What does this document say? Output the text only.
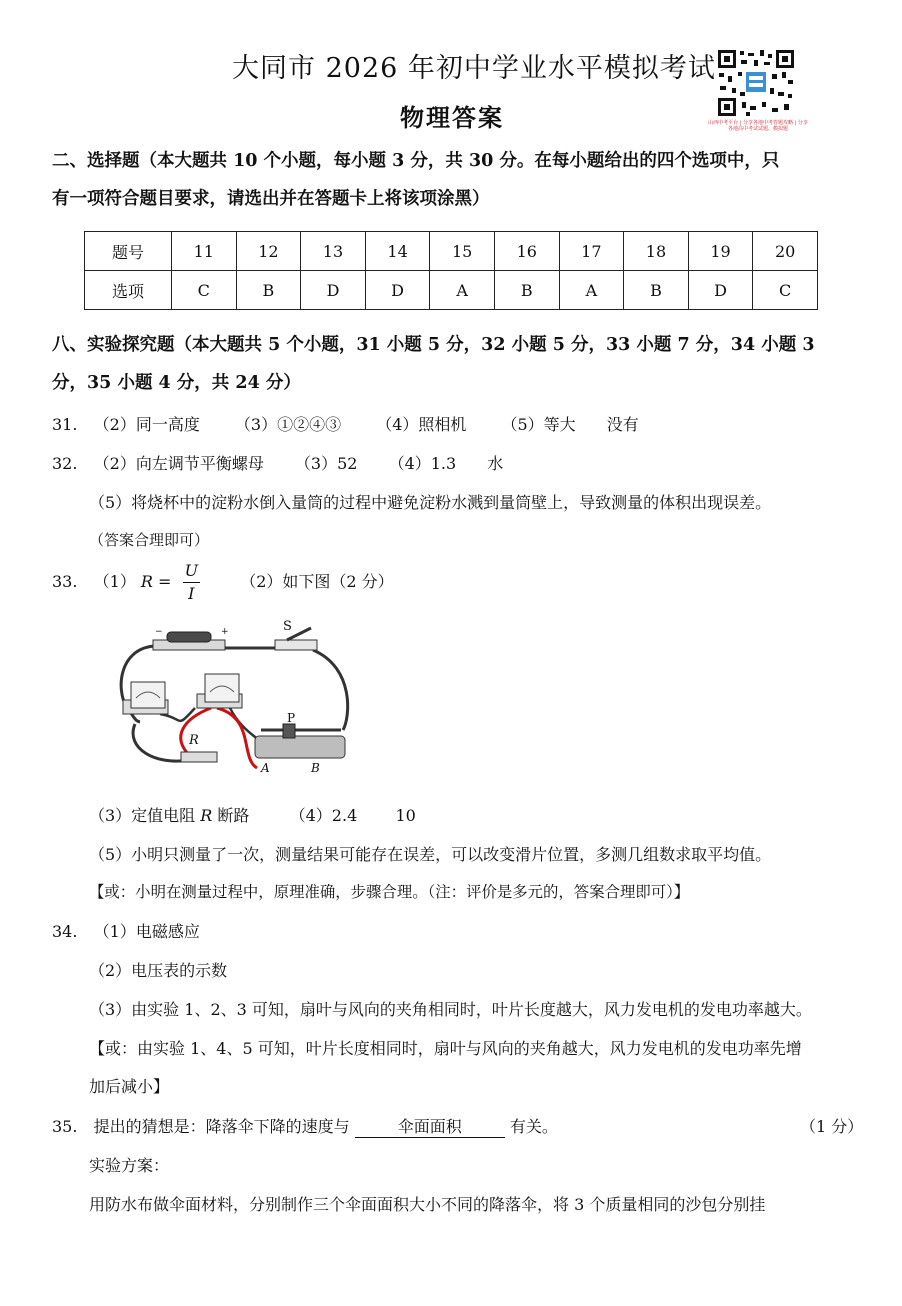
大同市 2026 年初中学业水平模拟考试
物理答案	山西中考平台 | 分享各地中考答题攻略 | 分享各地高中考试试题、模拟题
二、选择题（本大题共 10 个小题，每小题 3 分，共 30 分。在每小题给出的四个选项中，只
有一项符合题目要求，请选出并在答题卡上将该项涂黑）
题号	11	12	13	14	15	16	17	18	19	20
选项	C	B	D	D	A	B	A	B	D	C
八、实验探究题（本大题共 5 个小题，31 小题 5 分，32 小题 5 分，33 小题 7 分，34 小题 3
分，35 小题 4 分，共 24 分）
31. （2）同一高度 （3）①②④③ （4）照相机 （5）等大 没有
32. （2）向左调节平衡螺母 （3）52 （4）1.3 水
（5）将烧杯中的淀粉水倒入量筒的过程中避免淀粉水溅到量筒壁上，导致测量的体积出现误差。
（答案合理即可）
33. （1） $R = \frac{U}{I}$	（2）如下图（2 分）
−	+	S
R
P
A	B
（3）定值电阻 R 断路	（4）2.4 10
（5）小明只测量了一次，测量结果可能存在误差，可以改变滑片位置，多测几组数求取平均值。
【或：小明在测量过程中，原理准确，步骤合理。（注：评价是多元的，答案合理即可）】
34. （1）电磁感应
（2）电压表的示数
（3）由实验 1、2、3 可知，扇叶与风向的夹角相同时，叶片长度越大，风力发电机的发电功率越大。
【或：由实验 1、4、5 可知，叶片长度相同时，扇叶与风向的夹角越大，风力发电机的发电功率先增
加后减小】
35. 提出的猜想是：降落伞下降的速度与	伞面面积	有关。	（1 分）
实验方案：
用防水布做伞面材料，分别制作三个伞面面积大小不同的降落伞，将 3 个质量相同的沙包分别挂
